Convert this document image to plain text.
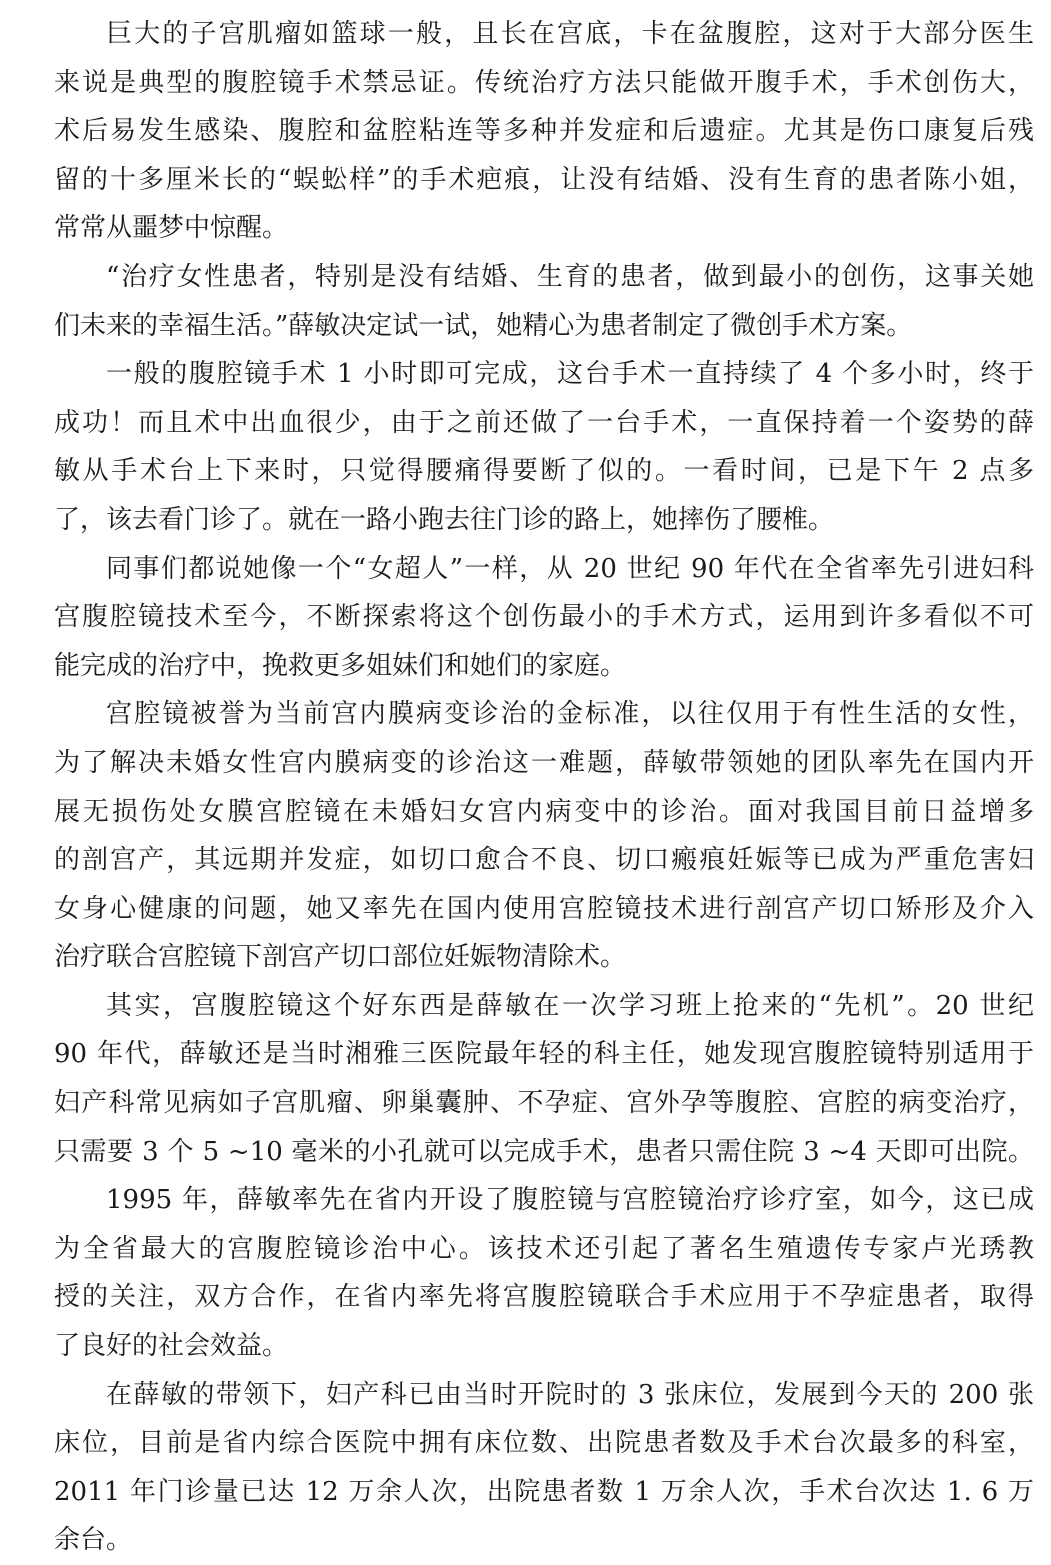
巨大的子宫肌瘤如篮球一般，且长在宫底，卡在盆腹腔，这对于大部分医生
来说是典型的腹腔镜手术禁忌证。传统治疗方法只能做开腹手术，手术创伤大，
术后易发生感染、腹腔和盆腔粘连等多种并发症和后遗症。尤其是伤口康复后残
留的十多厘米长的“蜈蚣样”的手术疤痕，让没有结婚、没有生育的患者陈小姐，
常常从噩梦中惊醒。
“治疗女性患者，特别是没有结婚、生育的患者，做到最小的创伤，这事关她
们未来的幸福生活。”薛敏决定试一试，她精心为患者制定了微创手术方案。
一般的腹腔镜手术 1 小时即可完成，这台手术一直持续了 4 个多小时，终于
成功！而且术中出血很少，由于之前还做了一台手术，一直保持着一个姿势的薛
敏从手术台上下来时，只觉得腰痛得要断了似的。一看时间，已是下午 2 点多
了，该去看门诊了。就在一路小跑去往门诊的路上，她摔伤了腰椎。
同事们都说她像一个“女超人”一样，从 20 世纪 90 年代在全省率先引进妇科
宫腹腔镜技术至今，不断探索将这个创伤最小的手术方式，运用到许多看似不可
能完成的治疗中，挽救更多姐妹们和她们的家庭。
宫腔镜被誉为当前宫内膜病变诊治的金标准，以往仅用于有性生活的女性，
为了解决未婚女性宫内膜病变的诊治这一难题，薛敏带领她的团队率先在国内开
展无损伤处女膜宫腔镜在未婚妇女宫内病变中的诊治。面对我国目前日益增多
的剖宫产，其远期并发症，如切口愈合不良、切口瘢痕妊娠等已成为严重危害妇
女身心健康的问题，她又率先在国内使用宫腔镜技术进行剖宫产切口矫形及介入
治疗联合宫腔镜下剖宫产切口部位妊娠物清除术。
其实，宫腹腔镜这个好东西是薛敏在一次学习班上抢来的“先机”。20 世纪
90 年代，薛敏还是当时湘雅三医院最年轻的科主任，她发现宫腹腔镜特别适用于
妇产科常见病如子宫肌瘤、卵巢囊肿、不孕症、宫外孕等腹腔、宫腔的病变治疗，
只需要 3 个 5 ~10 毫米的小孔就可以完成手术，患者只需住院 3 ~4 天即可出院。
1995 年，薛敏率先在省内开设了腹腔镜与宫腔镜治疗诊疗室，如今，这已成
为全省最大的宫腹腔镜诊治中心。该技术还引起了著名生殖遗传专家卢光琇教
授的关注，双方合作，在省内率先将宫腹腔镜联合手术应用于不孕症患者，取得
了良好的社会效益。
在薛敏的带领下，妇产科已由当时开院时的 3 张床位，发展到今天的 200 张
床位，目前是省内综合医院中拥有床位数、出院患者数及手术台次最多的科室，
2011 年门诊量已达 12 万余人次，出院患者数 1 万余人次，手术台次达 1. 6 万
余台。
